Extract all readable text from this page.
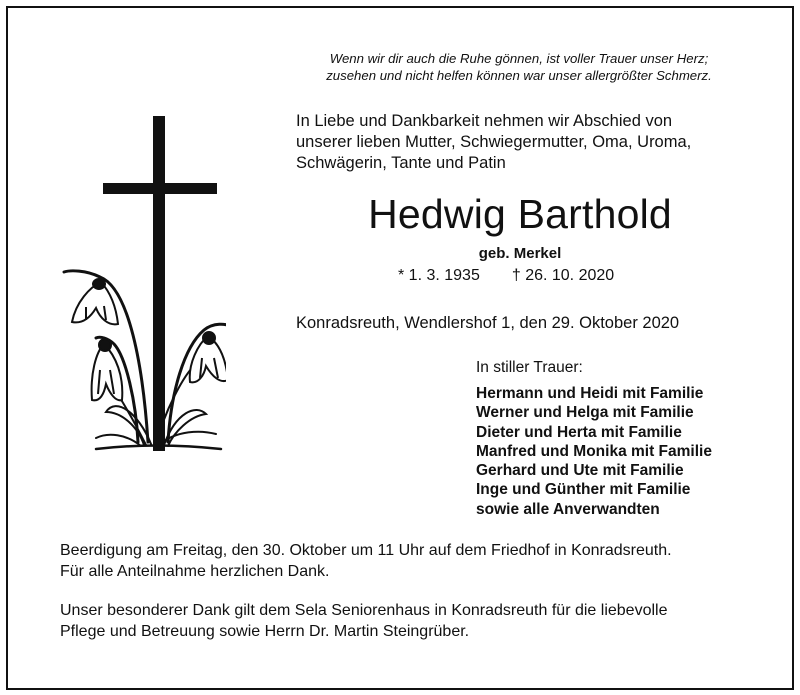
Wenn wir dir auch die Ruhe gönnen, ist voller Trauer unser Herz;
zusehen und nicht helfen können war unser allergrößter Schmerz.
In Liebe und Dankbarkeit nehmen wir Abschied von
unserer lieben Mutter, Schwiegermutter, Oma, Uroma,
Schwägerin, Tante und Patin
Hedwig Barthold
geb. Merkel
* 1. 3. 1935 † 26. 10. 2020
Konradsreuth, Wendlershof 1, den 29. Oktober 2020
In stiller Trauer:
Hermann und Heidi mit Familie
Werner und Helga mit Familie
Dieter und Herta mit Familie
Manfred und Monika mit Familie
Gerhard und Ute mit Familie
Inge und Günther mit Familie
sowie alle Anverwandten
Beerdigung am Freitag, den 30. Oktober um 11 Uhr auf dem Friedhof in Konradsreuth.
Für alle Anteilnahme herzlichen Dank.
Unser besonderer Dank gilt dem Sela Seniorenhaus in Konradsreuth für die liebevolle
Pflege und Betreuung sowie Herrn Dr. Martin Steingrüber.
